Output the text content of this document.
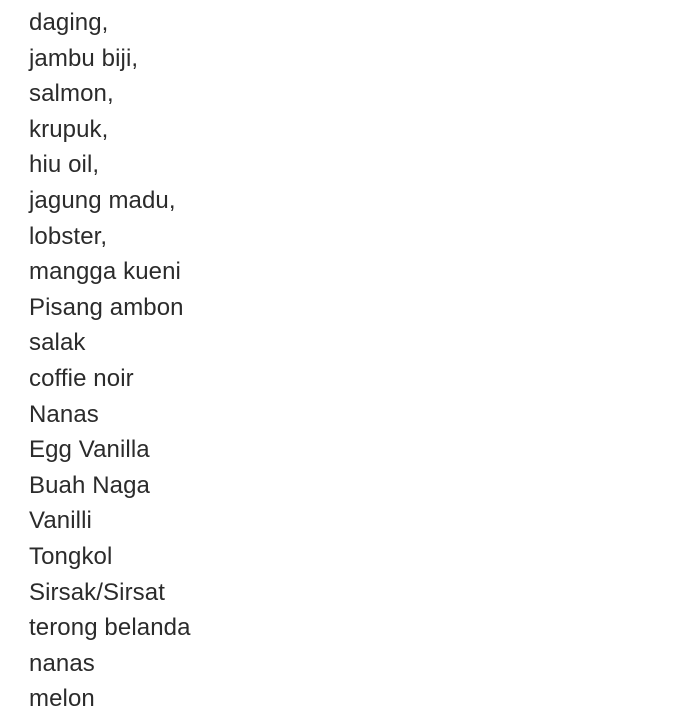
daging,
jambu biji,
salmon,
krupuk,
hiu oil,
jagung madu,
lobster,
mangga kueni
Pisang ambon
salak
coffie noir
Nanas
Egg Vanilla
Buah Naga
Vanilli
Tongkol
Sirsak/Sirsat
terong belanda
nanas
melon
